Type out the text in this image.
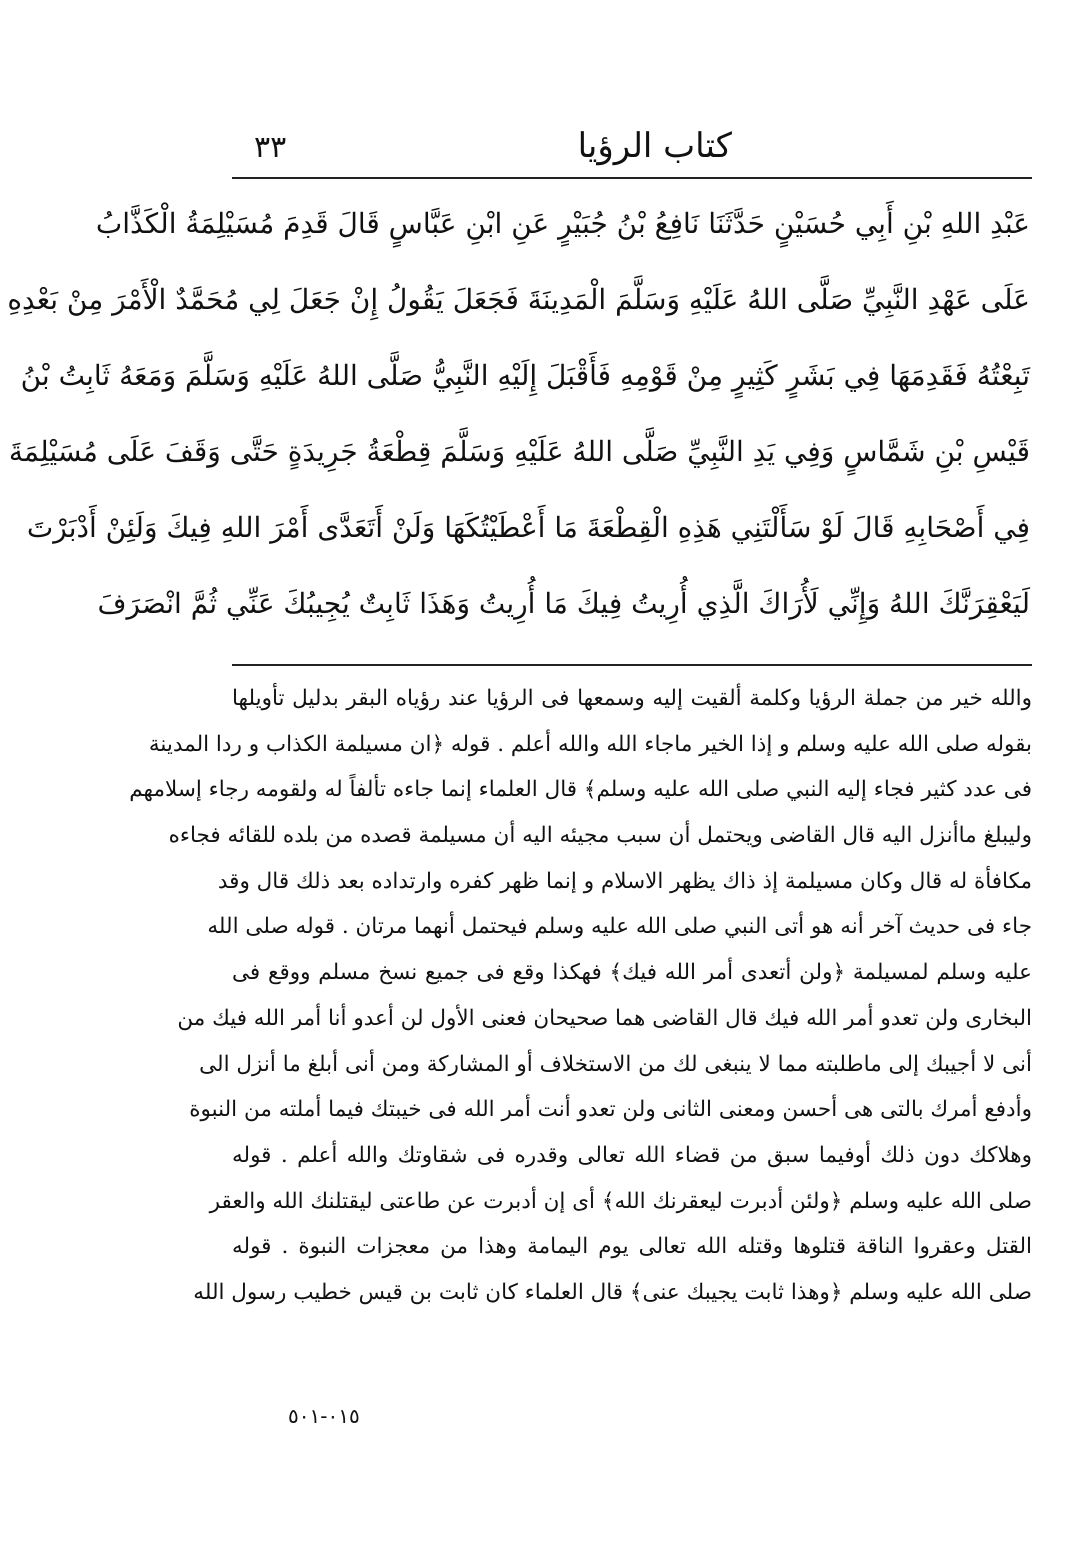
كتاب الرؤيا
٣٣
عَبْدِ اللهِ بْنِ أَبِي حُسَيْنٍ حَدَّثَنَا نَافِعُ بْنُ جُبَيْرٍ عَنِ ابْنِ عَبَّاسٍ قَالَ قَدِمَ مُسَيْلِمَةُ الْكَذَّابُ
عَلَى عَهْدِ النَّبِيِّ صَلَّى اللهُ عَلَيْهِ وَسَلَّمَ الْمَدِينَةَ فَجَعَلَ يَقُولُ إِنْ جَعَلَ لِي مُحَمَّدٌ الْأَمْرَ مِنْ بَعْدِهِ
تَبِعْتُهُ فَقَدِمَهَا فِي بَشَرٍ كَثِيرٍ مِنْ قَوْمِهِ فَأَقْبَلَ إِلَيْهِ النَّبِيُّ صَلَّى اللهُ عَلَيْهِ وَسَلَّمَ وَمَعَهُ ثَابِتُ بْنُ
قَيْسِ بْنِ شَمَّاسٍ وَفِي يَدِ النَّبِيِّ صَلَّى اللهُ عَلَيْهِ وَسَلَّمَ قِطْعَةُ جَرِيدَةٍ حَتَّى وَقَفَ عَلَى مُسَيْلِمَةَ
فِي أَصْحَابِهِ قَالَ لَوْ سَأَلْتَنِي هَذِهِ الْقِطْعَةَ مَا أَعْطَيْتُكَهَا وَلَنْ أَتَعَدَّى أَمْرَ اللهِ فِيكَ وَلَئِنْ أَدْبَرْتَ
لَيَعْقِرَنَّكَ اللهُ وَإِنِّي لَأُرَاكَ الَّذِي أُرِيتُ فِيكَ مَا أُرِيتُ وَهَذَا ثَابِتٌ يُجِيبُكَ عَنِّي ثُمَّ انْصَرَفَ
والله خير من جملة الرؤيا وكلمة ألقيت إليه وسمعها فى الرؤيا عند رؤياه البقر بدليل تأويلها
بقوله صلى الله عليه وسلم و إذا الخير ماجاء الله والله أعلم . قوله ﴿ان مسيلمة الكذاب و ردا المدينة
فى عدد كثير فجاء إليه النبي صلى الله عليه وسلم﴾ قال العلماء إنما جاءه تألفاً له ولقومه رجاء إسلامهم
وليبلغ ماأنزل اليه قال القاضى ويحتمل أن سبب مجيئه اليه أن مسيلمة قصده من بلده للقائه فجاءه
مكافأة له قال وكان مسيلمة إذ ذاك يظهر الاسلام و إنما ظهر كفره وارتداده بعد ذلك قال وقد
جاء فى حديث آخر أنه هو أتى النبي صلى الله عليه وسلم فيحتمل أنهما مرتان . قوله صلى الله
عليه وسلم لمسيلمة ﴿ولن أتعدى أمر الله فيك﴾ فهكذا وقع فى جميع نسخ مسلم ووقع فى
البخارى ولن تعدو أمر الله فيك قال القاضى هما صحيحان فعنى الأول لن أعدو أنا أمر الله فيك من
أنى لا أجيبك إلى ماطلبته مما لا ينبغى لك من الاستخلاف أو المشاركة ومن أنى أبلغ ما أنزل الى
وأدفع أمرك بالتى هى أحسن ومعنى الثانى ولن تعدو أنت أمر الله فى خيبتك فيما أملته من النبوة
وهلاكك دون ذلك أوفيما سبق من قضاء الله تعالى وقدره فى شقاوتك والله أعلم . قوله
صلى الله عليه وسلم ﴿ولئن أدبرت ليعقرنك الله﴾ أى إن أدبرت عن طاعتى ليقتلنك الله والعقر
القتل وعقروا الناقة قتلوها وقتله الله تعالى يوم اليمامة وهذا من معجزات النبوة . قوله
صلى الله عليه وسلم ﴿وهذا ثابت يجيبك عنى﴾ قال العلماء كان ثابت بن قيس خطيب رسول الله
٠١٥-٥٠١
